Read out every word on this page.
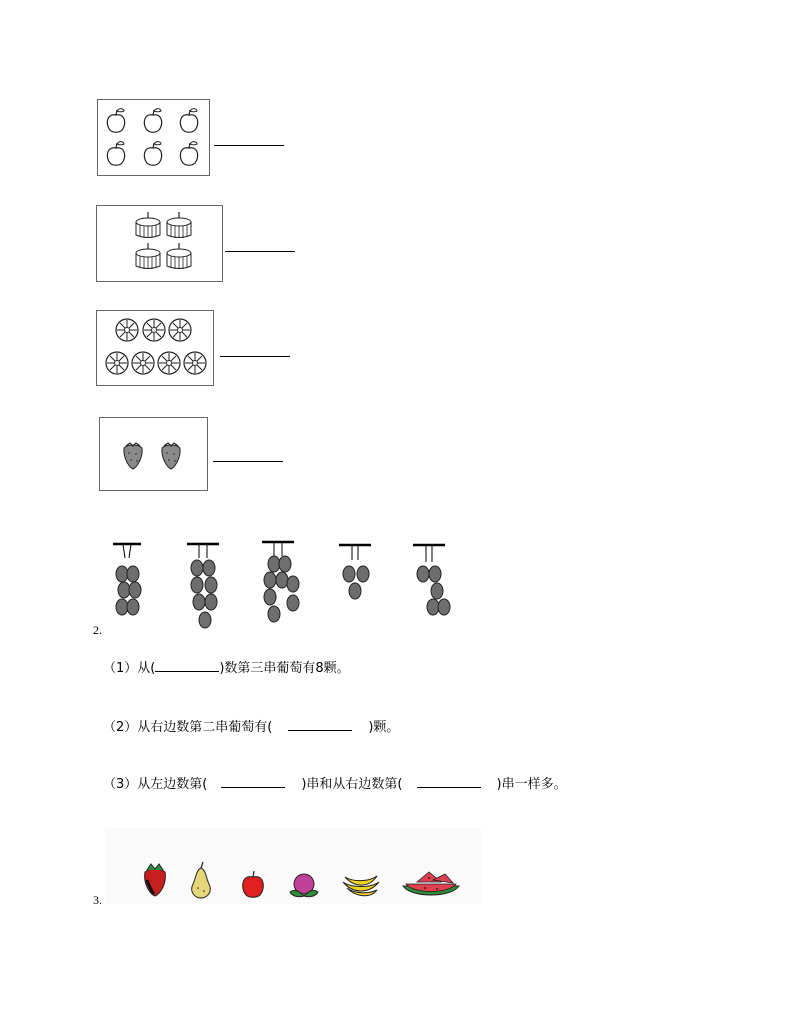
2.
（1）从(	)数第三串葡萄有8颗。
（2）从右边数第二串葡萄有(	)颗。
（3）从左边数第(	)串和从右边数第(	)串一样多。
3.
